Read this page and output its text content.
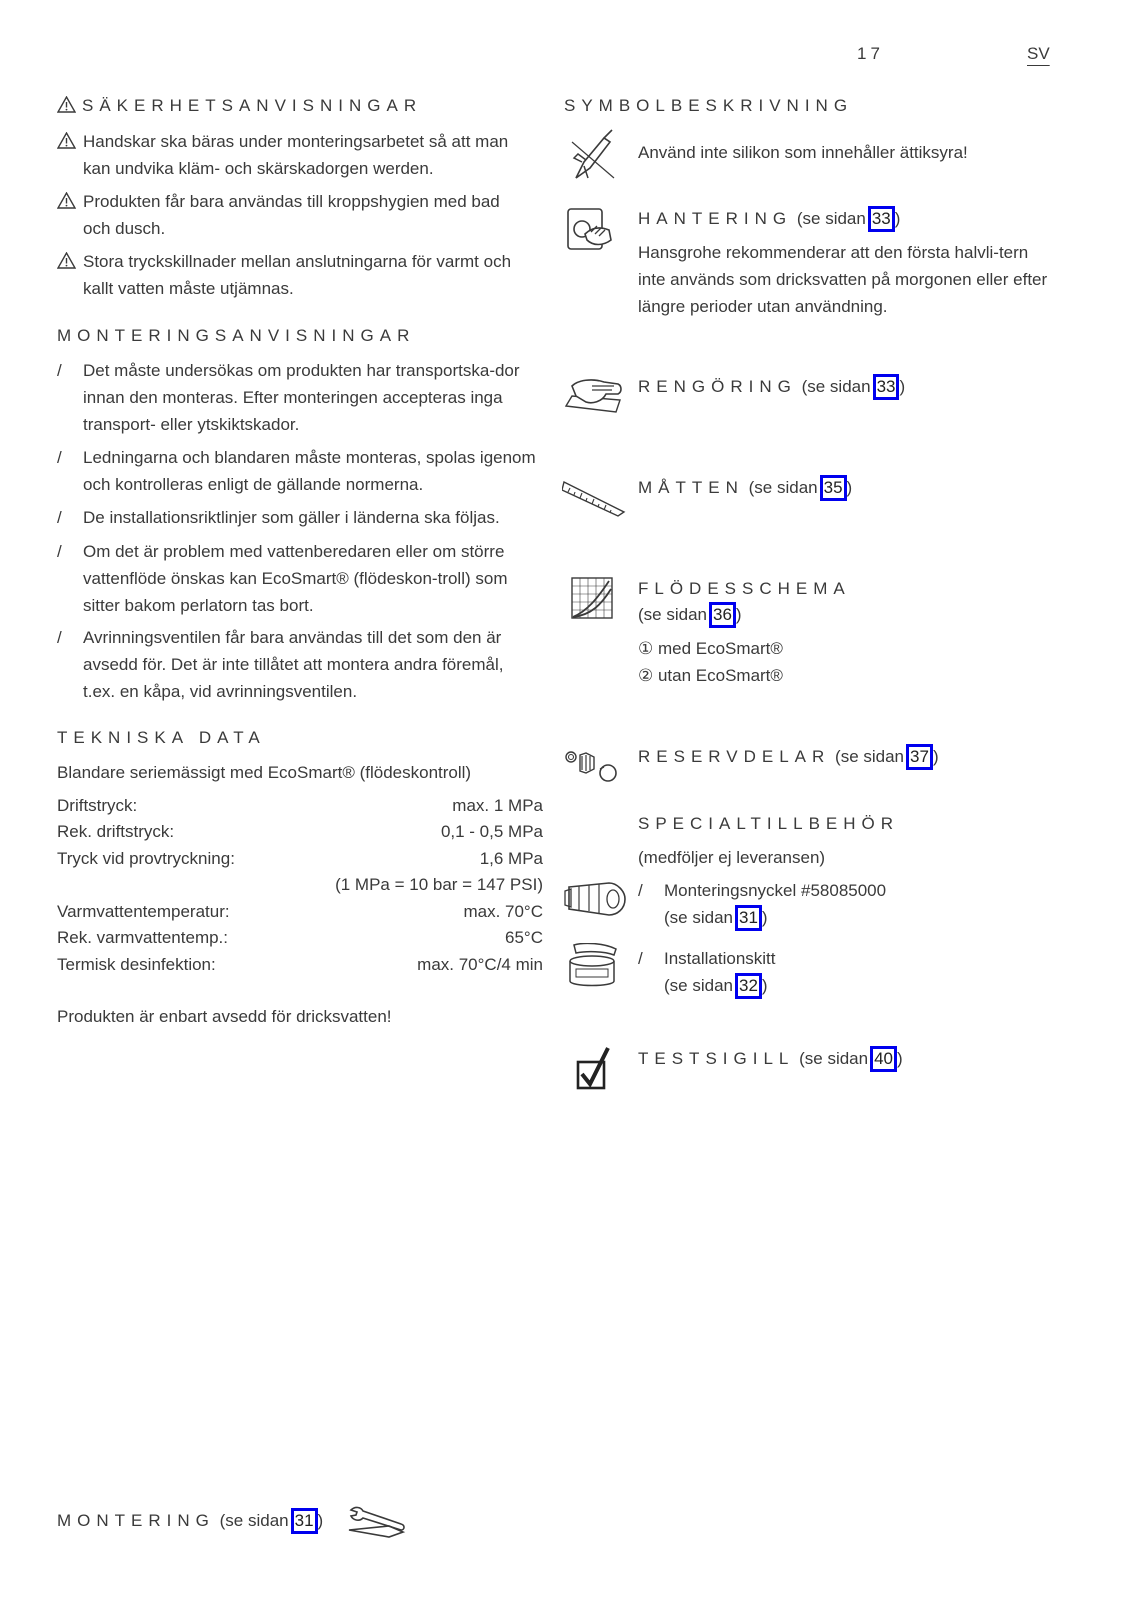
17	SV
SÄKERHETSANVISNINGAR
Handskar ska bäras under monteringsarbetet så att man kan undvika kläm- och skärskadorgen werden.
Produkten får bara användas till kroppshygien med bad och dusch.
Stora tryckskillnader mellan anslutningarna för varmt och kallt vatten måste utjämnas.
MONTERINGSANVISNINGAR
/ Det måste undersökas om produkten har transportska-dor innan den monteras. Efter monteringen accepteras inga transport- eller ytskiktskador.
/ Ledningarna och blandaren måste monteras, spolas igenom och kontrolleras enligt de gällande normerna.
/ De installationsriktlinjer som gäller i länderna ska följas.
/ Om det är problem med vattenberedaren eller om större vattenflöde önskas kan EcoSmart® (flödeskon-troll) som sitter bakom perlatorn tas bort.
/ Avrinningsventilen får bara användas till det som den är avsedd för. Det är inte tillåtet att montera andra föremål, t.ex. en kåpa, vid avrinningsventilen.
TEKNISKA DATA
Blandare seriemässigt med EcoSmart® (flödeskontroll)
Driftstryck:	max. 1 MPa
Rek. driftstryck:	0,1 - 0,5 MPa
Tryck vid provtryckning:	1,6 MPa
(1 MPa = 10 bar = 147 PSI)
Varmvattentemperatur:	max. 70°C
Rek. varmvattentemp.:	65°C
Termisk desinfektion:	max. 70°C/4 min
Produkten är enbart avsedd för dricksvatten!
MONTERING (se sidan 31 )
SYMBOLBESKRIVNING
Använd inte silikon som innehåller ättiksyra!
HANTERING (se sidan 33 )
Hansgrohe rekommenderar att den första halvli-tern inte används som dricksvatten på morgonen eller efter längre perioder utan användning.
RENGÖRING (se sidan 33 )
MÅTTEN (se sidan 35 )
FLÖDESSCHEMA
(se sidan 36 )
① med EcoSmart®
② utan EcoSmart®
RESERVDELAR (se sidan 37 )
SPECIALTILLBEHÖR
(medföljer ej leveransen)
/ Monteringsnyckel #58085000
(se sidan 31 )
/ Installationskitt
(se sidan 32 )
TESTSIGILL (se sidan 40 )
